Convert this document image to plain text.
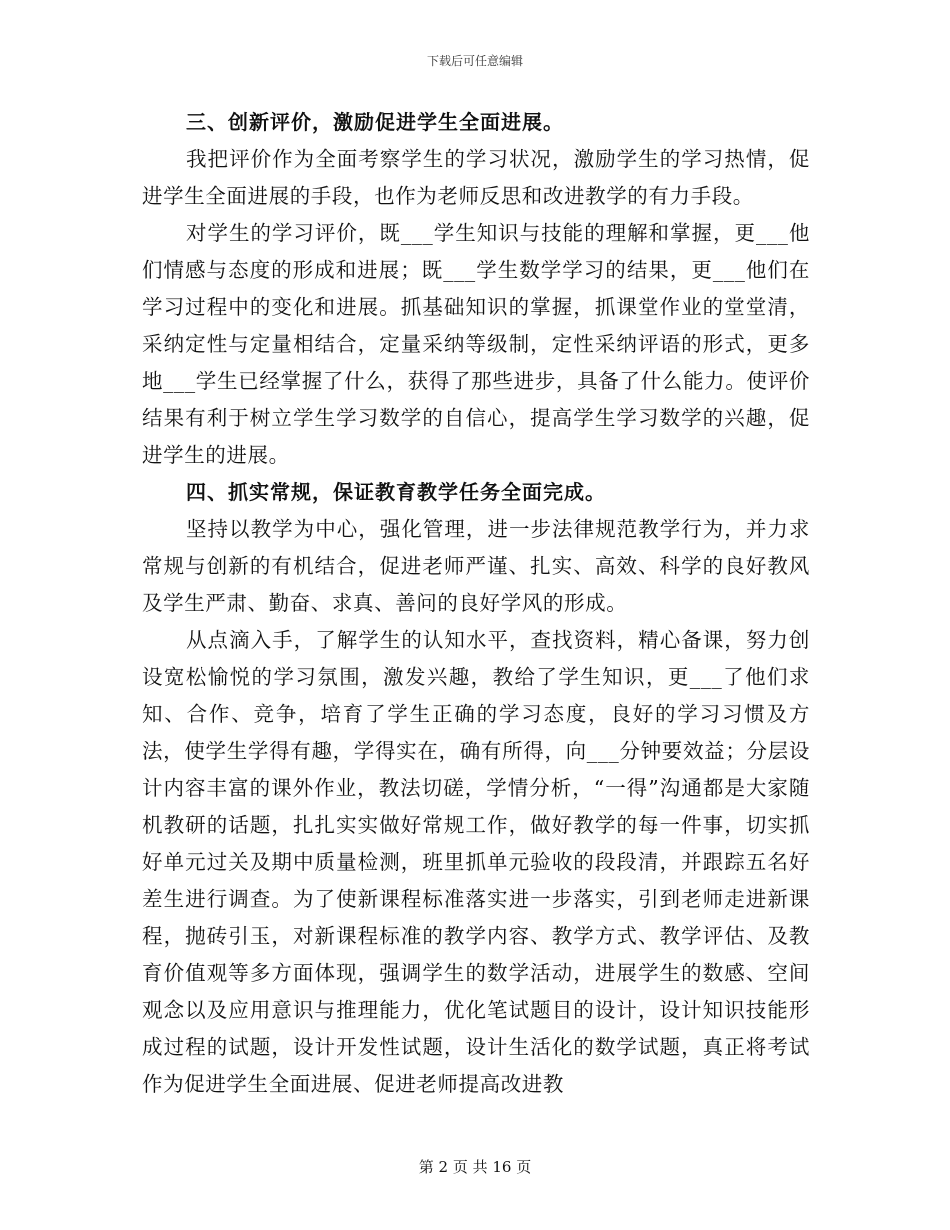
下载后可任意编辑

三、创新评价，激励促进学生全面进展。

我把评价作为全面考察学生的学习状况，激励学生的学习热情，促进学生全面进展的手段，也作为老师反思和改进教学的有力手段。

对学生的学习评价，既___学生知识与技能的理解和掌握，更___他们情感与态度的形成和进展；既___学生数学学习的结果，更___他们在学习过程中的变化和进展。抓基础知识的掌握，抓课堂作业的堂堂清，采纳定性与定量相结合，定量采纳等级制，定性采纳评语的形式，更多地___学生已经掌握了什么，获得了那些进步，具备了什么能力。使评价结果有利于树立学生学习数学的自信心，提高学生学习数学的兴趣，促进学生的进展。

四、抓实常规，保证教育教学任务全面完成。

坚持以教学为中心，强化管理，进一步法律规范教学行为，并力求常规与创新的有机结合，促进老师严谨、扎实、高效、科学的良好教风及学生严肃、勤奋、求真、善问的良好学风的形成。

从点滴入手，了解学生的认知水平，查找资料，精心备课，努力创设宽松愉悦的学习氛围，激发兴趣，教给了学生知识，更___了他们求知、合作、竞争，培育了学生正确的学习态度，良好的学习习惯及方法，使学生学得有趣，学得实在，确有所得，向___分钟要效益；分层设计内容丰富的课外作业，教法切磋，学情分析，“一得”沟通都是大家随机教研的话题，扎扎实实做好常规工作，做好教学的每一件事，切实抓好单元过关及期中质量检测，班里抓单元验收的段段清，并跟踪五名好差生进行调查。为了使新课程标准落实进一步落实，引到老师走进新课程，抛砖引玉，对新课程标准的教学内容、教学方式、教学评估、及教育价值观等多方面体现，强调学生的数学活动，进展学生的数感、空间观念以及应用意识与推理能力，优化笔试题目的设计，设计知识技能形成过程的试题，设计开发性试题，设计生活化的数学试题，真正将考试作为促进学生全面进展、促进老师提高改进教

第 2 页 共 16 页
